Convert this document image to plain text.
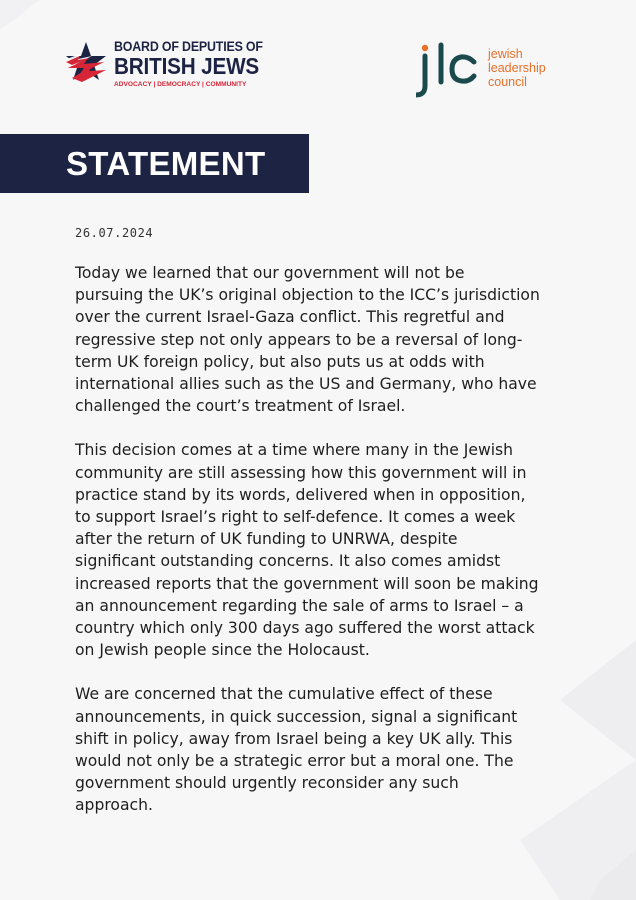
BOARD OF DEPUTIES OF
BRITISH JEWS
ADVOCACY | DEMOCRACY | COMMUNITY
jewish
leadership
council
STATEMENT
26.07.2024

Today we learned that our government will not be
pursuing the UK’s original objection to the ICC’s jurisdiction
over the current Israel-Gaza conflict. This regretful and
regressive step not only appears to be a reversal of long-
term UK foreign policy, but also puts us at odds with
international allies such as the US and Germany, who have
challenged the court’s treatment of Israel.

This decision comes at a time where many in the Jewish
community are still assessing how this government will in
practice stand by its words, delivered when in opposition,
to support Israel’s right to self-defence. It comes a week
after the return of UK funding to UNRWA, despite
significant outstanding concerns. It also comes amidst
increased reports that the government will soon be making
an announcement regarding the sale of arms to Israel – a
country which only 300 days ago suffered the worst attack
on Jewish people since the Holocaust.

We are concerned that the cumulative effect of these
announcements, in quick succession, signal a significant
shift in policy, away from Israel being a key UK ally. This
would not only be a strategic error but a moral one. The
government should urgently reconsider any such
approach.
